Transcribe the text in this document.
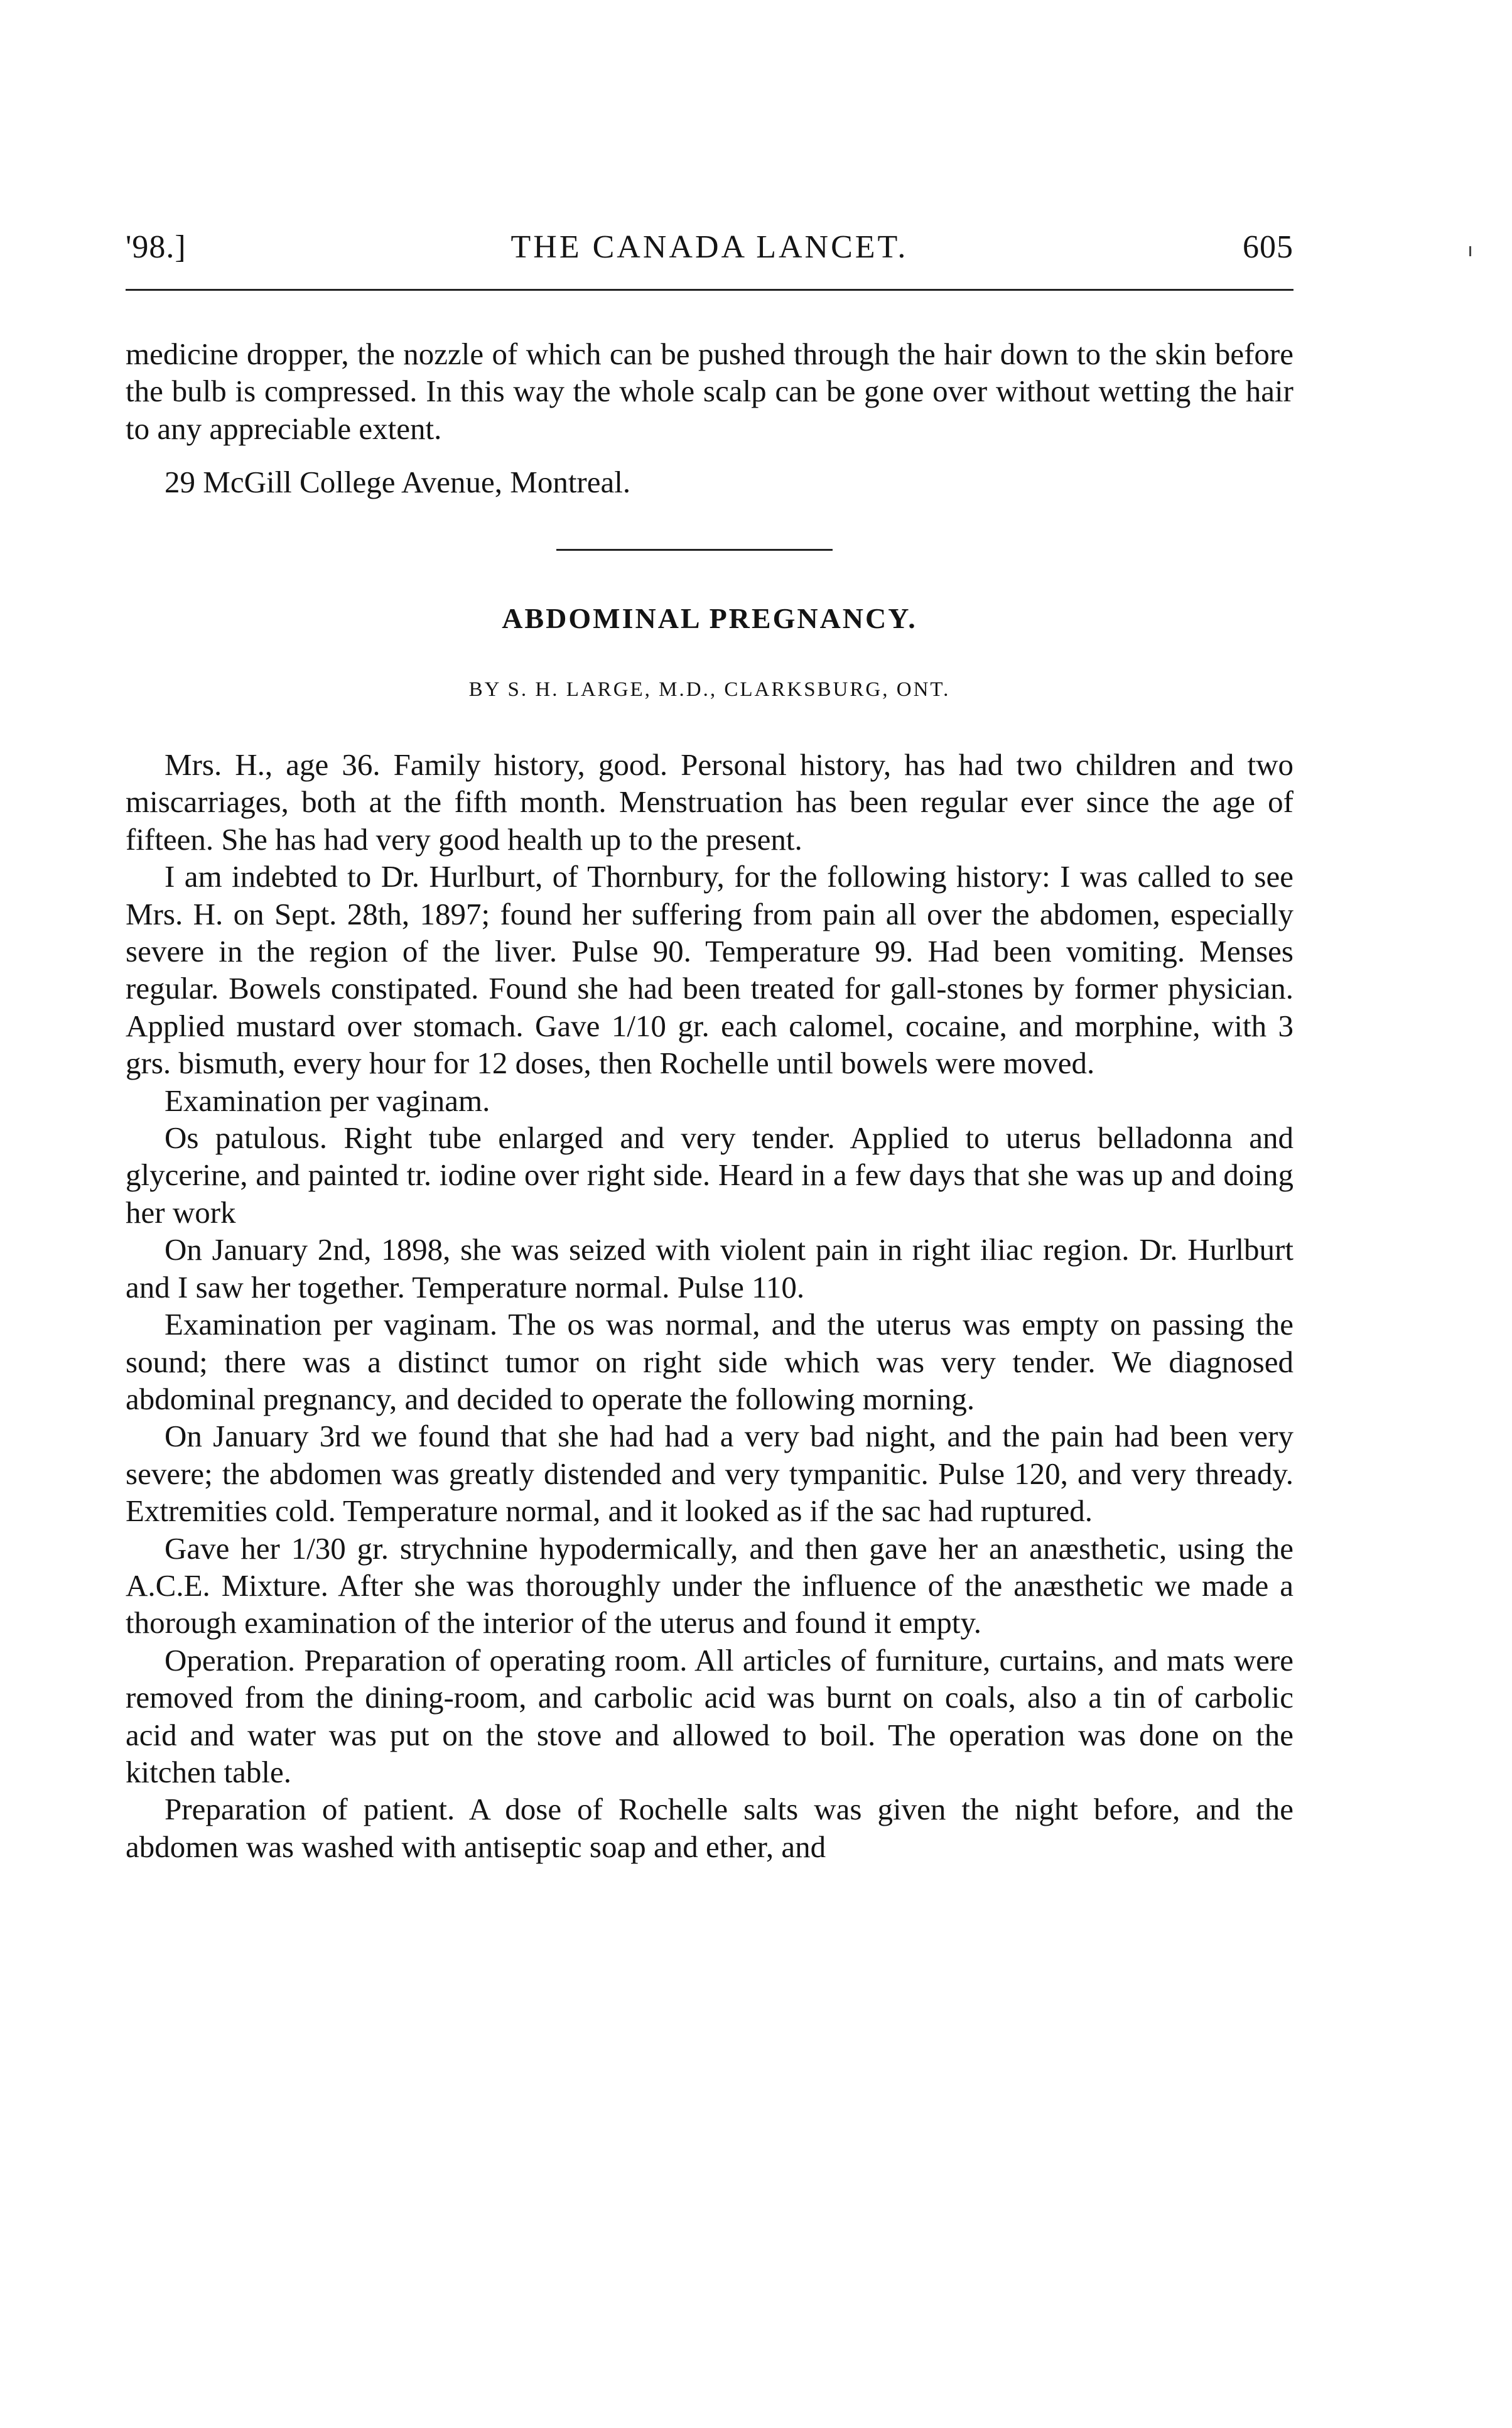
'98.]	THE CANADA LANCET.	605
medicine dropper, the nozzle of which can be pushed through the hair down to the skin before the bulb is compressed. In this way the whole scalp can be gone over without wetting the hair to any appreciable extent.
29 McGill College Avenue, Montreal.
ABDOMINAL PREGNANCY.
BY S. H. LARGE, M.D., CLARKSBURG, ONT.

Mrs. H., age 36. Family history, good. Personal history, has had two children and two miscarriages, both at the fifth month. Menstruation has been regular ever since the age of fifteen. She has had very good health up to the present.

I am indebted to Dr. Hurlburt, of Thornbury, for the following history: I was called to see Mrs. H. on Sept. 28th, 1897; found her suffering from pain all over the abdomen, especially severe in the region of the liver. Pulse 90. Temperature 99. Had been vomiting. Menses regular. Bowels constipated. Found she had been treated for gall-stones by former physician. Applied mustard over stomach. Gave 1/10 gr. each calomel, cocaine, and morphine, with 3 grs. bismuth, every hour for 12 doses, then Rochelle until bowels were moved.

Examination per vaginam.

Os patulous. Right tube enlarged and very tender. Applied to uterus belladonna and glycerine, and painted tr. iodine over right side. Heard in a few days that she was up and doing her work

On January 2nd, 1898, she was seized with violent pain in right iliac region. Dr. Hurlburt and I saw her together. Temperature normal. Pulse 110.

Examination per vaginam. The os was normal, and the uterus was empty on passing the sound; there was a distinct tumor on right side which was very tender. We diagnosed abdominal pregnancy, and decided to operate the following morning.

On January 3rd we found that she had had a very bad night, and the pain had been very severe; the abdomen was greatly distended and very tympanitic. Pulse 120, and very thready. Extremities cold. Temperature normal, and it looked as if the sac had ruptured.

Gave her 1/30 gr. strychnine hypodermically, and then gave her an anæsthetic, using the A.C.E. Mixture. After she was thoroughly under the influence of the anæsthetic we made a thorough examination of the interior of the uterus and found it empty.

Operation. Preparation of operating room. All articles of furniture, curtains, and mats were removed from the dining-room, and carbolic acid was burnt on coals, also a tin of carbolic acid and water was put on the stove and allowed to boil. The operation was done on the kitchen table.

Preparation of patient. A dose of Rochelle salts was given the night before, and the abdomen was washed with antiseptic soap and ether, and
